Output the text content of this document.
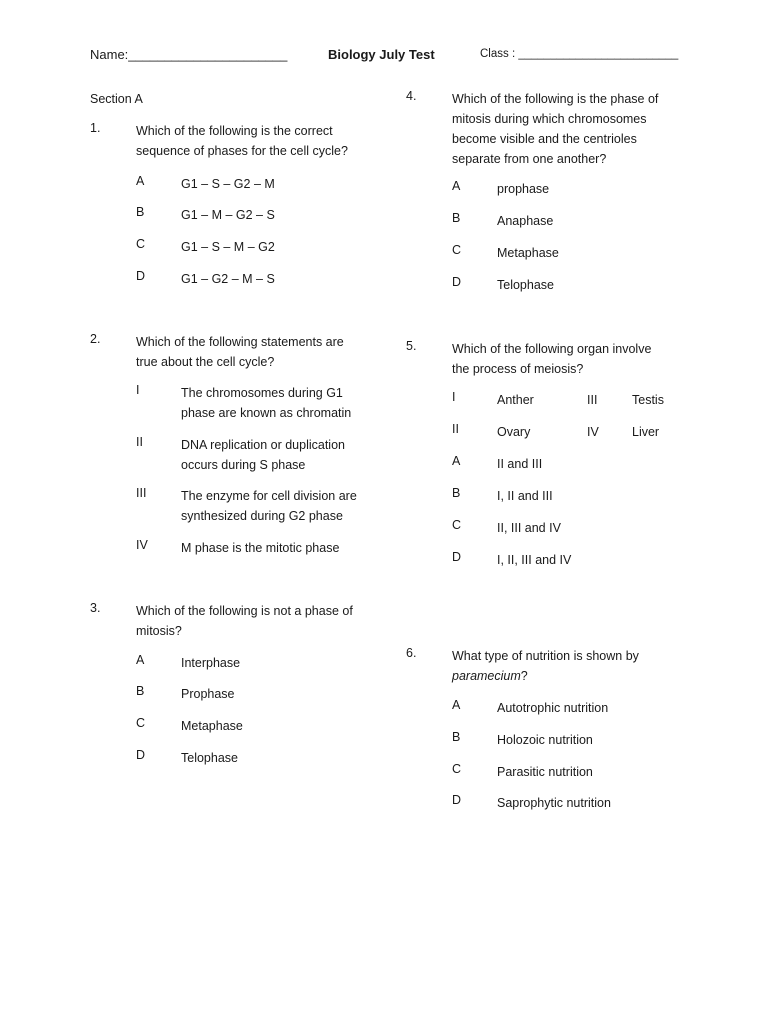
Name:______________________	Biology July Test	Class : _________________________
Section A
1.	Which of the following is the correct
sequence of phases for the cell cycle?
A	G1 – S – G2 – M
B	G1 – M – G2 – S
C	G1 – S – M – G2
D	G1 – G2 – M – S
2.	Which of the following statements are
true about the cell cycle?
I	The chromosomes during G1
phase are known as chromatin
II	DNA replication or duplication
occurs during S phase
III	The enzyme for cell division are
synthesized during G2 phase
IV	M phase is the mitotic phase
3.	Which of the following is not a phase of
mitosis?
A	Interphase
B	Prophase
C	Metaphase
D	Telophase
4.	Which of the following is the phase of
mitosis during which chromosomes
become visible and the centrioles
separate from one another?
A	prophase
B	Anaphase
C	Metaphase
D	Telophase
5.	Which of the following organ involve
the process of meiosis?
I	Anther	III	Testis
II	Ovary	IV	Liver
A	II and III
B	I, II and III
C	II, III and IV
D	I, II, III and IV
6.	What type of nutrition is shown by
paramecium?
A	Autotrophic nutrition
B	Holozoic nutrition
C	Parasitic nutrition
D	Saprophytic nutrition
